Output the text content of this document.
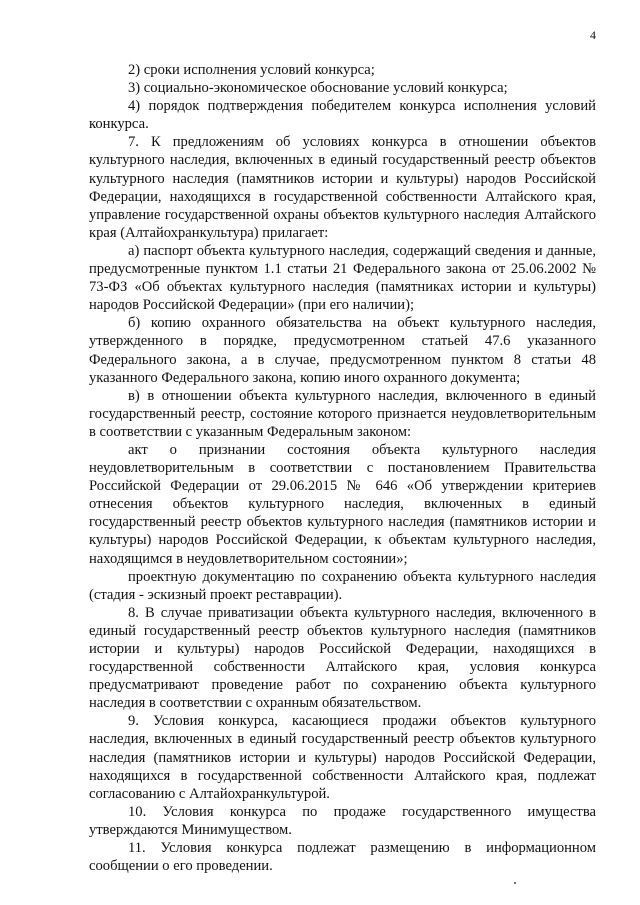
4

2) сроки исполнения условий конкурса;

3) социально-экономическое обоснование условий конкурса;

4) порядок подтверждения победителем конкурса исполнения условий конкурса.

7. К предложениям об условиях конкурса в отношении объектов культурного наследия, включенных в единый государственный реестр объектов культурного наследия (памятников истории и культуры) народов Российской Федерации, находящихся в государственной собственности Алтайского края, управление государственной охраны объектов культурного наследия Алтайского края (Алтайохранкультура) прилагает:

а) паспорт объекта культурного наследия, содержащий сведения и данные, предусмотренные пунктом 1.1 статьи 21 Федерального закона от 25.06.2002 № 73-ФЗ «Об объектах культурного наследия (памятниках истории и культуры) народов Российской Федерации» (при его наличии);

б) копию охранного обязательства на объект культурного наследия, утвержденного в порядке, предусмотренном статьей 47.6 указанного Федерального закона, а в случае, предусмотренном пунктом 8 статьи 48 указанного Федерального закона, копию иного охранного документа;

в) в отношении объекта культурного наследия, включенного в единый государственный реестр, состояние которого признается неудовлетворительным в соответствии с указанным Федеральным законом:

акт о признании состояния объекта культурного наследия неудовлетворительным в соответствии с постановлением Правительства Российской Федерации от 29.06.2015 № 646 «Об утверждении критериев отнесения объектов культурного наследия, включенных в единый государственный реестр объектов культурного наследия (памятников истории и культуры) народов Российской Федерации, к объектам культурного наследия, находящимся в неудовлетворительном состоянии»;

проектную документацию по сохранению объекта культурного наследия (стадия - эскизный проект реставрации).

8. В случае приватизации объекта культурного наследия, включенного в единый государственный реестр объектов культурного наследия (памятников истории и культуры) народов Российской Федерации, находящихся в государственной собственности Алтайского края, условия конкурса предусматривают проведение работ по сохранению объекта культурного наследия в соответствии с охранным обязательством.

9. Условия конкурса, касающиеся продажи объектов культурного наследия, включенных в единый государственный реестр объектов культурного наследия (памятников истории и культуры) народов Российской Федерации, находящихся в государственной собственности Алтайского края, подлежат согласованию с Алтайохранкультурой.

10. Условия конкурса по продаже государственного имущества утверждаются Минимуществом.

11. Условия конкурса подлежат размещению в информационном сообщении о его проведении.
